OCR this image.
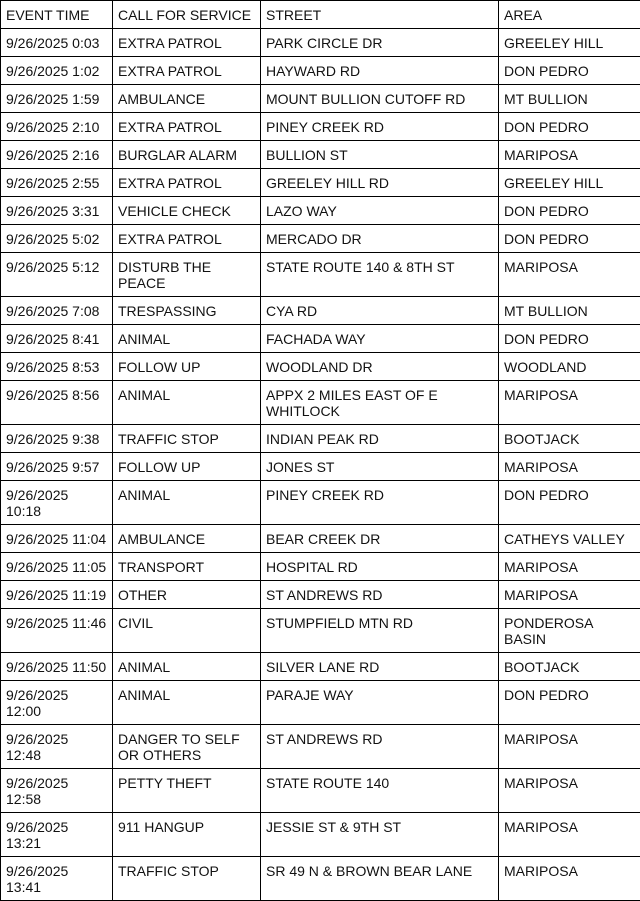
EVENT TIME	CALL FOR SERVICE	STREET	AREA
9/26/2025 0:03	EXTRA PATROL	PARK CIRCLE DR	GREELEY HILL
9/26/2025 1:02	EXTRA PATROL	HAYWARD RD	DON PEDRO
9/26/2025 1:59	AMBULANCE	MOUNT BULLION CUTOFF RD	MT BULLION
9/26/2025 2:10	EXTRA PATROL	PINEY CREEK RD	DON PEDRO
9/26/2025 2:16	BURGLAR ALARM	BULLION ST	MARIPOSA
9/26/2025 2:55	EXTRA PATROL	GREELEY HILL RD	GREELEY HILL
9/26/2025 3:31	VEHICLE CHECK	LAZO WAY	DON PEDRO
9/26/2025 5:02	EXTRA PATROL	MERCADO DR	DON PEDRO
9/26/2025 5:12	DISTURB THE PEACE	STATE ROUTE 140 & 8TH ST	MARIPOSA
9/26/2025 7:08	TRESPASSING	CYA RD	MT BULLION
9/26/2025 8:41	ANIMAL	FACHADA WAY	DON PEDRO
9/26/2025 8:53	FOLLOW UP	WOODLAND DR	WOODLAND
9/26/2025 8:56	ANIMAL	APPX 2 MILES EAST OF E WHITLOCK	MARIPOSA
9/26/2025 9:38	TRAFFIC STOP	INDIAN PEAK RD	BOOTJACK
9/26/2025 9:57	FOLLOW UP	JONES ST	MARIPOSA
9/26/2025 10:18	ANIMAL	PINEY CREEK RD	DON PEDRO
9/26/2025 11:04	AMBULANCE	BEAR CREEK DR	CATHEYS VALLEY
9/26/2025 11:05	TRANSPORT	HOSPITAL RD	MARIPOSA
9/26/2025 11:19	OTHER	ST ANDREWS RD	MARIPOSA
9/26/2025 11:46	CIVIL	STUMPFIELD MTN RD	PONDEROSA BASIN
9/26/2025 11:50	ANIMAL	SILVER LANE RD	BOOTJACK
9/26/2025 12:00	ANIMAL	PARAJE WAY	DON PEDRO
9/26/2025 12:48	DANGER TO SELF OR OTHERS	ST ANDREWS RD	MARIPOSA
9/26/2025 12:58	PETTY THEFT	STATE ROUTE 140	MARIPOSA
9/26/2025 13:21	911 HANGUP	JESSIE ST & 9TH ST	MARIPOSA
9/26/2025 13:41	TRAFFIC STOP	SR 49 N & BROWN BEAR LANE	MARIPOSA
